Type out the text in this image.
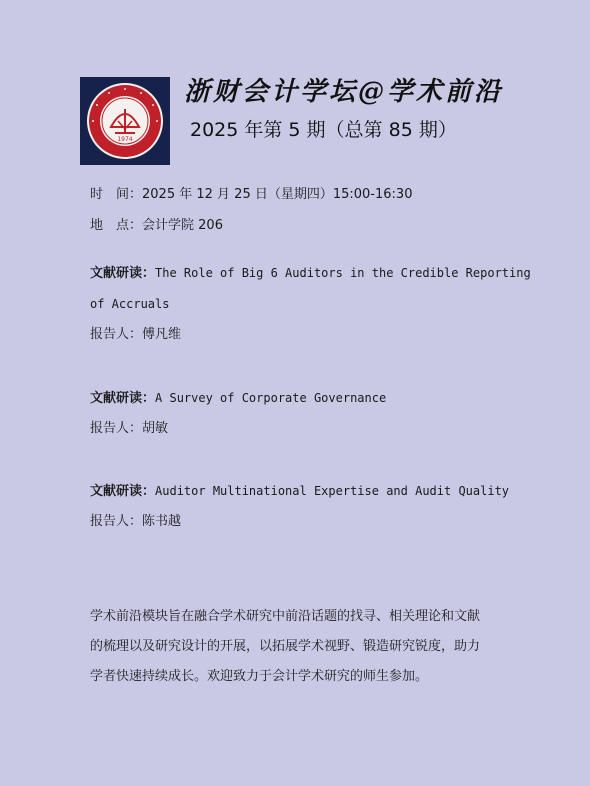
1974
浙财会计学坛@学术前沿
2025 年第 5 期（总第 85 期）
时　间：2025 年 12 月 25 日（星期四）15:00-16:30
地　点：会计学院 206
文献研读：The Role of Big 6 Auditors in the Credible Reporting
of Accruals
报告人：傅凡维
文献研读：A Survey of Corporate Governance
报告人：胡敏
文献研读：Auditor Multinational Expertise and Audit Quality
报告人：陈书越
学术前沿模块旨在融合学术研究中前沿话题的找寻、相关理论和文献
的梳理以及研究设计的开展，以拓展学术视野、锻造研究锐度，助力
学者快速持续成长。欢迎致力于会计学术研究的师生参加。
